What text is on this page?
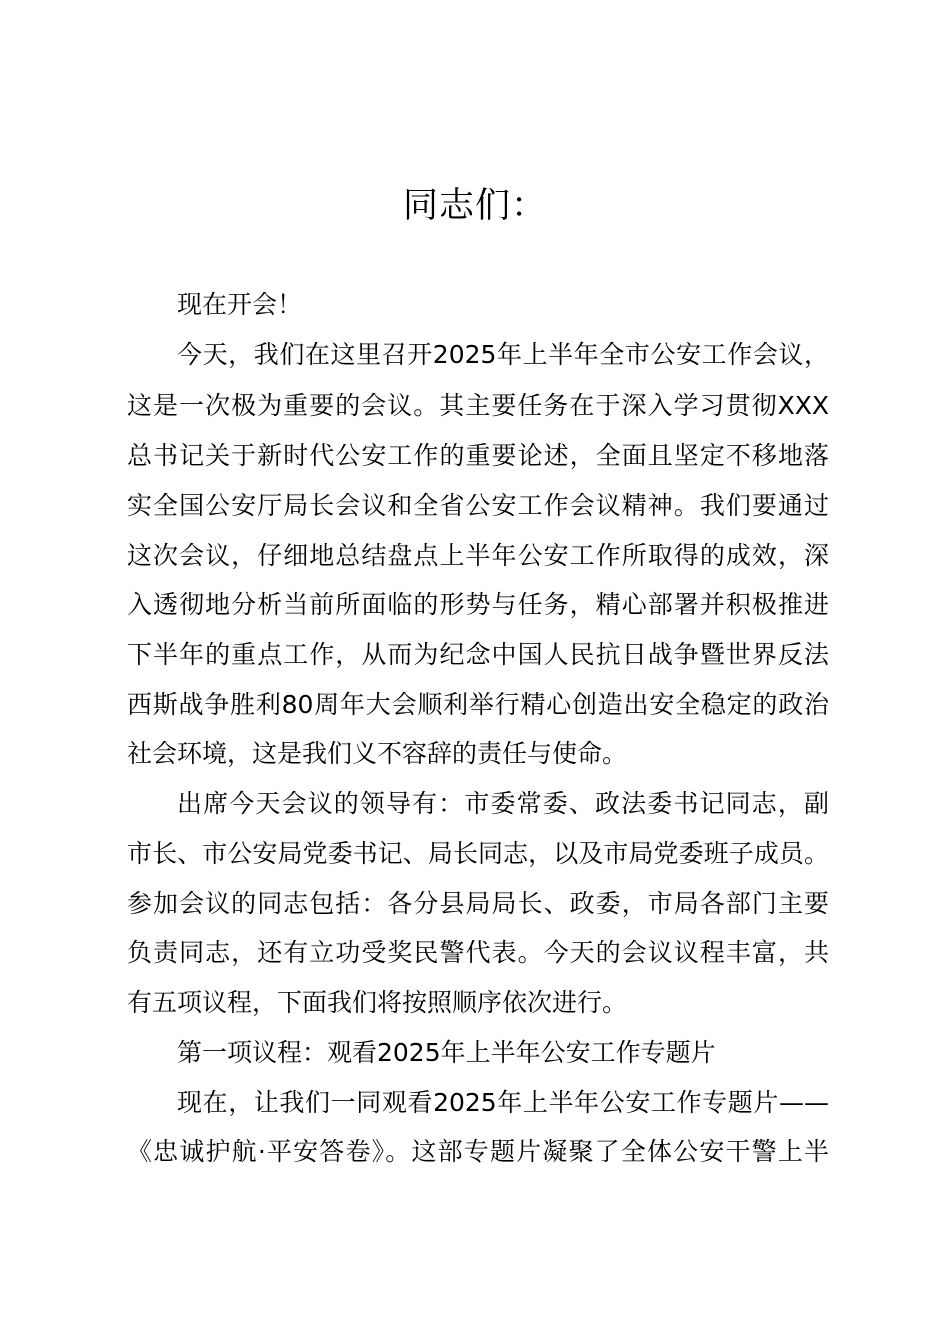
同志们：
现在开会！
今天，我们在这里召开2025年上半年全市公安工作会议，
这是一次极为重要的会议。其主要任务在于深入学习贯彻XXX
总书记关于新时代公安工作的重要论述，全面且坚定不移地落
实全国公安厅局长会议和全省公安工作会议精神。我们要通过
这次会议，仔细地总结盘点上半年公安工作所取得的成效，深
入透彻地分析当前所面临的形势与任务，精心部署并积极推进
下半年的重点工作，从而为纪念中国人民抗日战争暨世界反法
西斯战争胜利80周年大会顺利举行精心创造出安全稳定的政治
社会环境，这是我们义不容辞的责任与使命。
出席今天会议的领导有：市委常委、政法委书记同志，副
市长、市公安局党委书记、局长同志，以及市局党委班子成员。
参加会议的同志包括：各分县局局长、政委，市局各部门主要
负责同志，还有立功受奖民警代表。今天的会议议程丰富，共
有五项议程，下面我们将按照顺序依次进行。
第一项议程：观看2025年上半年公安工作专题片
现在，让我们一同观看2025年上半年公安工作专题片——
《忠诚护航·平安答卷》。这部专题片凝聚了全体公安干警上半
